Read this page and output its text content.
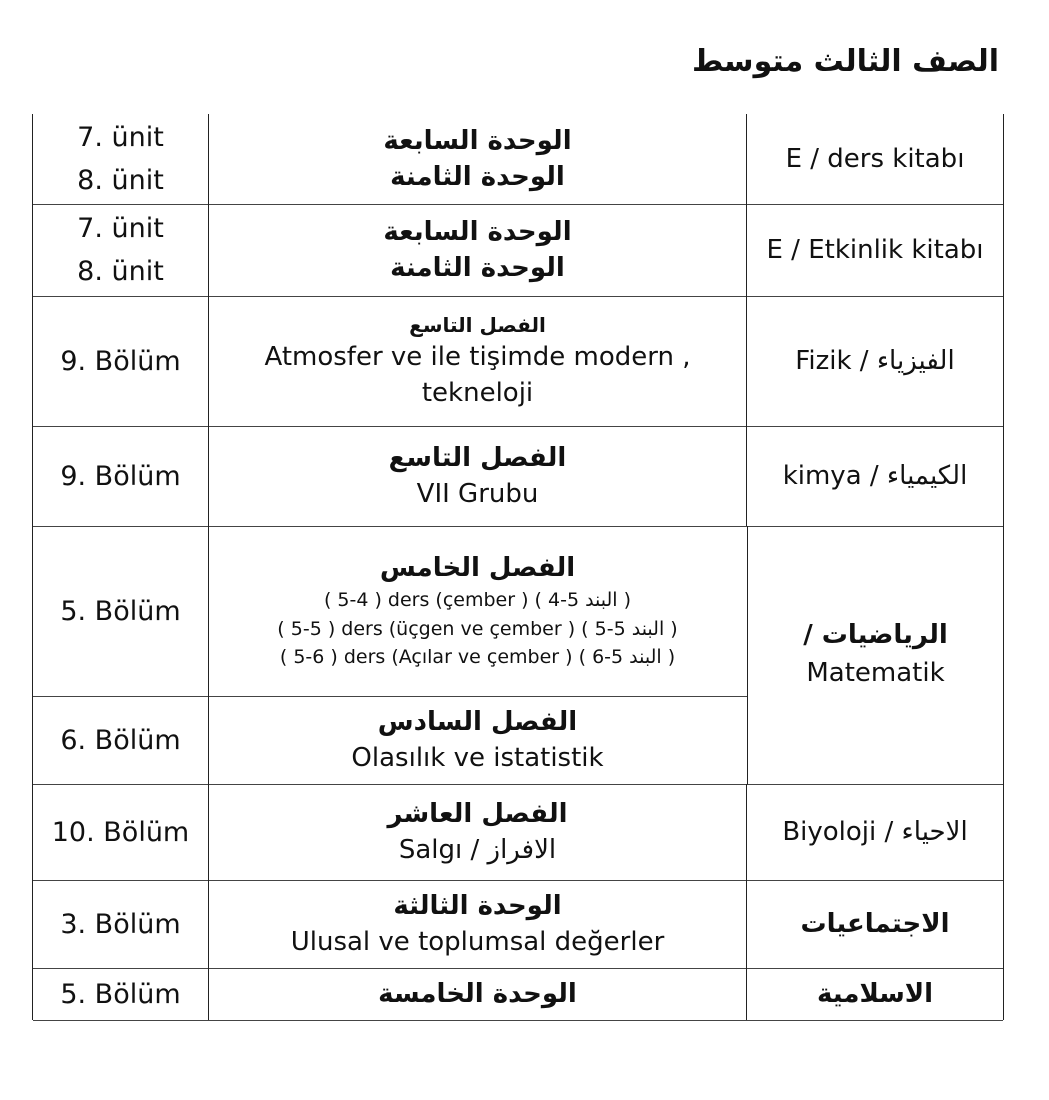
الصف الثالث متوسط
7. ünit
8. ünit
الوحدة السابعة
الوحدة الثامنة
E / ders kitabı
7. ünit
8. ünit
الوحدة السابعة
الوحدة الثامنة
E / Etkinlik kitabı
9. Bölüm
الفصل التاسع
Atmosfer ve ile tişimde modern ,
tekneloji
Fizik / الفيزياء
9. Bölüm
الفصل التاسع
VII Grubu
kimya / الكيمياء
5. Bölüm
الفصل الخامس
( 5-4 ) ders (çember ) ( البند 5-4 )
( 5-5 ) ders (üçgen ve çember ) ( البند 5-5 )
( 5-6 ) ders (Açılar ve çember ) ( البند 5-6 )
6. Bölüm
الفصل السادس
Olasılık ve istatistik
الرياضيات /
Matematik
10. Bölüm
الفصل العاشر
Salgı / الافراز
Biyoloji / الاحياء
3. Bölüm
الوحدة الثالثة
Ulusal ve toplumsal değerler
الاجتماعيات
5. Bölüm	الوحدة الخامسة	الاسلامية
